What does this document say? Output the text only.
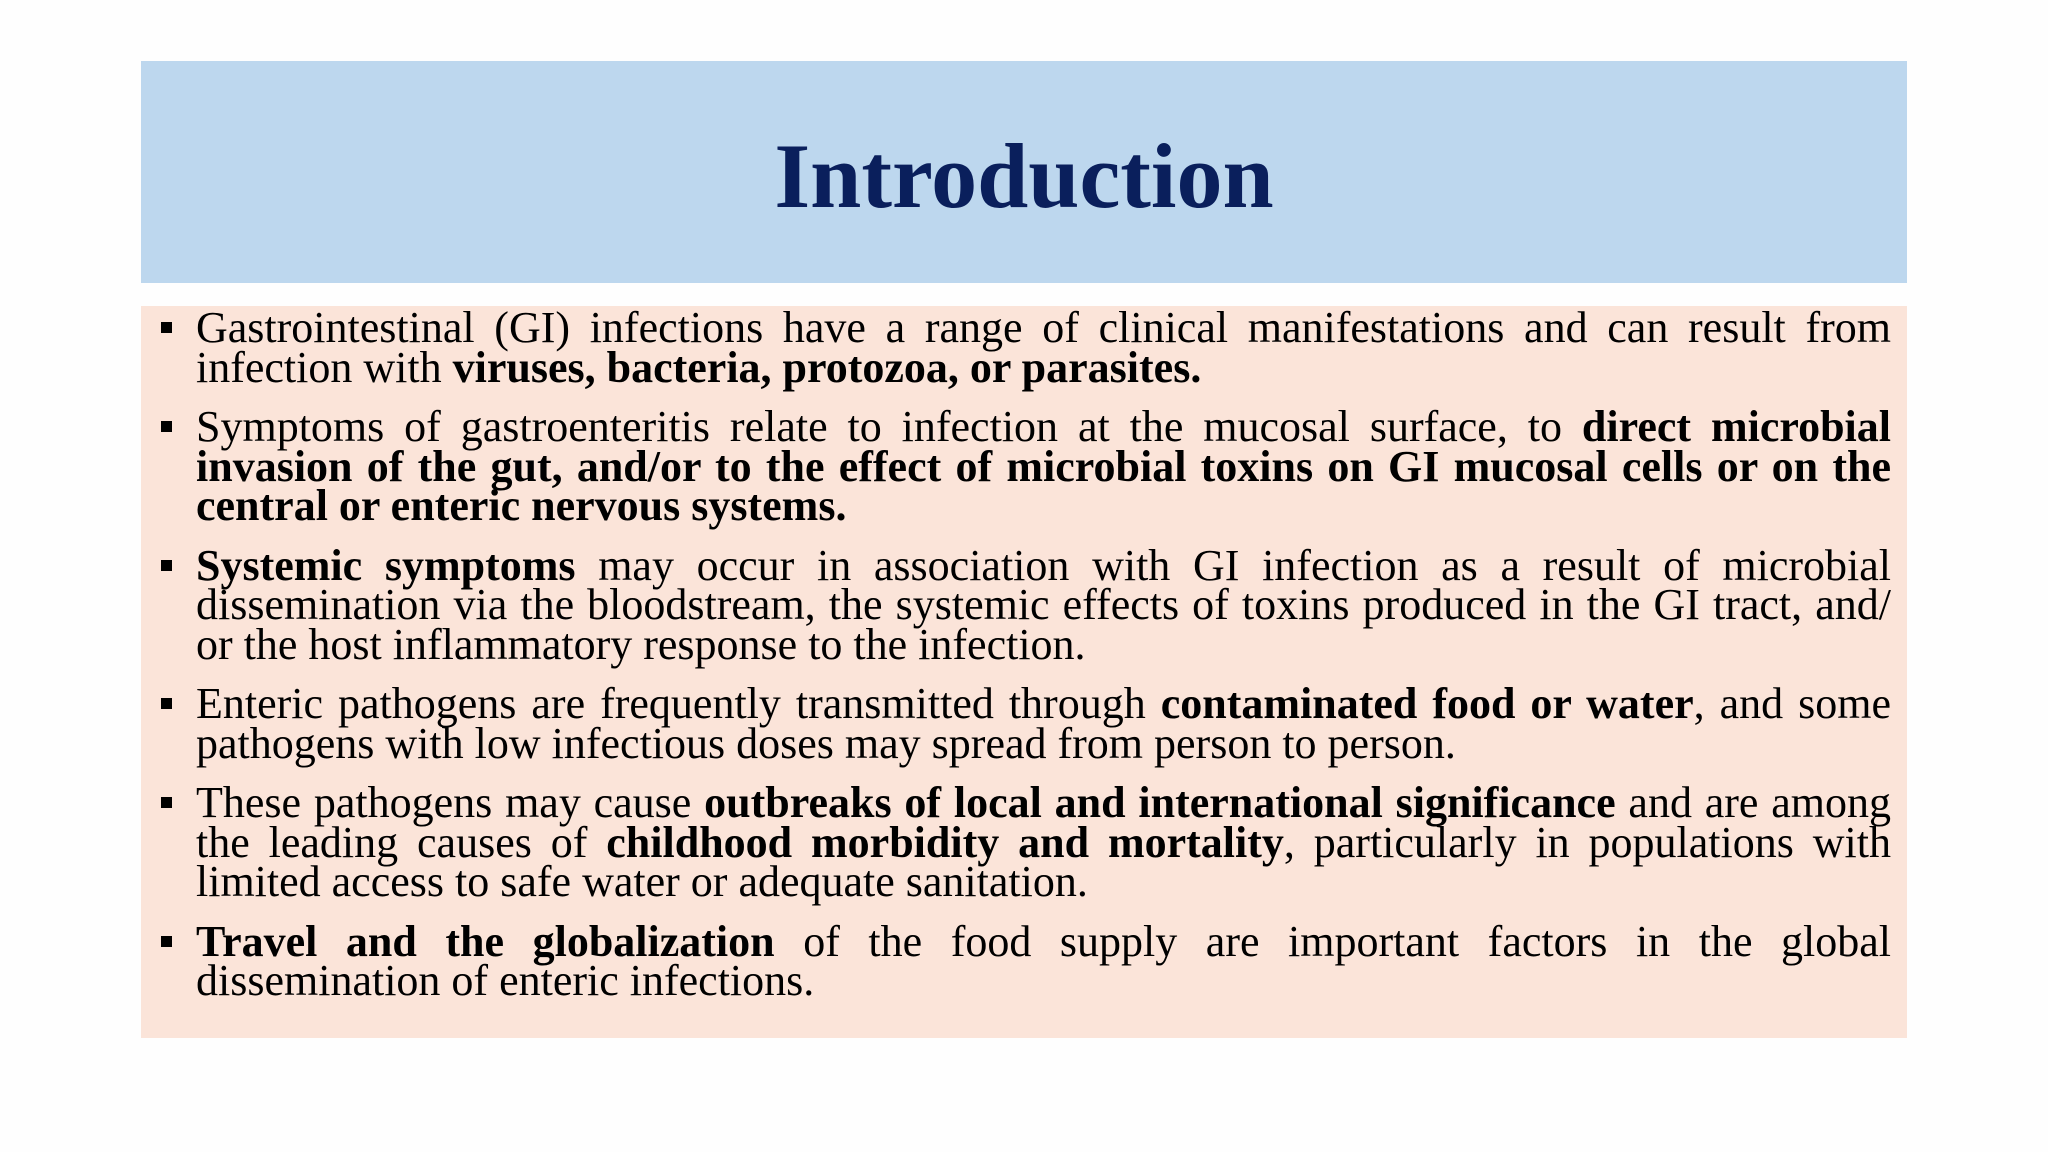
Introduction
Gastrointestinal (GI) infections have a range of clinical manifestations and can result from infection with viruses, bacteria, protozoa, or parasites.
Symptoms of gastroenteritis relate to infection at the mucosal surface, to direct microbial invasion of the gut, and/or to the effect of microbial toxins on GI mucosal cells or on the central or enteric nervous systems.
Systemic symptoms may occur in association with GI infection as a result of microbial dissemination via the bloodstream, the systemic effects of toxins produced in the GI tract, and/ or the host inflammatory response to the infection.
Enteric pathogens are frequently transmitted through contaminated food or water, and some pathogens with low infectious doses may spread from person to person.
These pathogens may cause outbreaks of local and international significance and are among the leading causes of childhood morbidity and mortality, particularly in populations with limited access to safe water or adequate sanitation.
Travel and the globalization of the food supply are important factors in the global dissemination of enteric infections.
